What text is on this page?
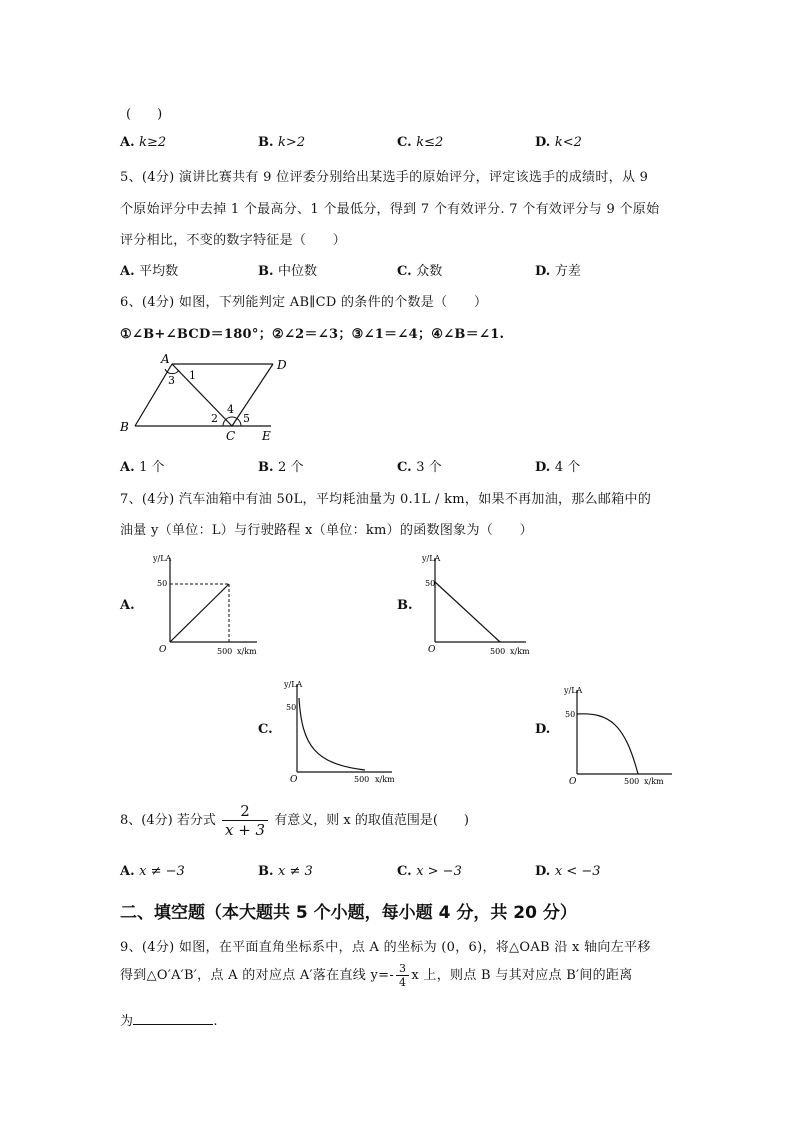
(　　)
A. k≥2	B. k>2	C. k≤2	D. k<2
5、(4分) 演讲比赛共有 9 位评委分别给出某选手的原始评分，评定该选手的成绩时，从 9
个原始评分中去掉 1 个最高分、1 个最低分，得到 7 个有效评分. 7 个有效评分与 9 个原始
评分相比，不变的数字特征是（　　）
A. 平均数	B. 中位数	C. 众数	D. 方差
6、(4分) 如图，下列能判定 AB∥CD 的条件的个数是（　　）
①∠B+∠BCD＝180°；②∠2＝∠3；③∠1＝∠4；④∠B＝∠1.
A	D
B
C E
1
2
3
4
5
A. 1 个	B. 2 个	C. 3 个	D. 4 个
7、(4分) 汽车油箱中有油 50L，平均耗油量为 0.1L / km，如果不再加油，那么邮箱中的
油量 y（单位：L）与行驶路程 x（单位：km）的函数图象为（　　）
A.
y/LA
50
O	500 x/km
B.
y/LA
50
O	500 x/km
C.
y/LA
50
O	500 x/km
D.
y/LA
50
O	500 x/km
8、(4分) 若分式 $\frac{2}{x + 3}$ 有意义，则 x 的取值范围是(　　)
A. x ≠ −3	B. x ≠ 3	C. x > −3	D. x < −3
二、填空题（本大题共 5 个小题，每小题 4 分，共 20 分）
9、(4分) 如图，在平面直角坐标系中，点 A 的坐标为 (0，6)，将△OAB 沿 x 轴向左平移
得到△O′A′B′，点 A 的对应点 A′落在直线 $y=- \frac{3}{4}$ x 上，则点 B 与其对应点 B′间的距离
为	.
